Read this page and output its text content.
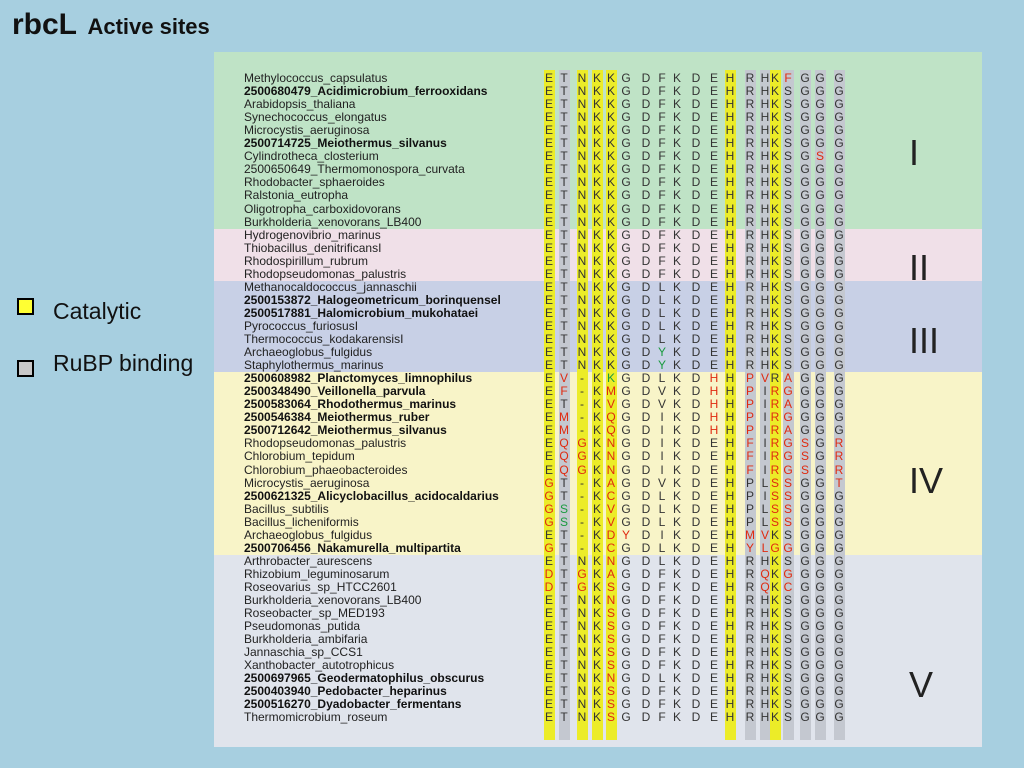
rbcL Active sites
Catalytic
RuBP binding
I
II
III
IV
V
Methylococcus_capsulatus	E T N K K G D F K D E H R H K F G G G
2500680479_Acidimicrobium_ferrooxidans	E T N K K G D F K D E H R H K S G G G
Arabidopsis_thaliana	E T N K K G D F K D E H R H K S G G G
Synechococcus_elongatus	E T N K K G D F K D E H R H K S G G G
Microcystis_aeruginosa	E T N K K G D F K D E H R H K S G G G
2500714725_Meiothermus_silvanus	E T N K K G D F K D E H R H K S G G G
Cylindrotheca_closterium	E T N K K G D F K D E H R H K S G S G
2500650649_Thermomonospora_curvata	E T N K K G D F K D E H R H K S G G G
Rhodobacter_sphaeroides	E T N K K G D F K D E H R H K S G G G
Ralstonia_eutropha	E T N K K G D F K D E H R H K S G G G
Oligotropha_carboxidovorans	E T N K K G D F K D E H R H K S G G G
Burkholderia_xenovorans_LB400	E T N K K G D F K D E H R H K S G G G
Hydrogenovibrio_marinus	E T N K K G D F K D E H R H K S G G G
Thiobacillus_denitrificansI	E T N K K G D F K D E H R H K S G G G
Rhodospirillum_rubrum	E T N K K G D F K D E H R H K S G G G
Rhodopseudomonas_palustris	E T N K K G D F K D E H R H K S G G G
Methanocaldococcus_jannaschii	E T N K K G D L K D E H R H K S G G G
2500153872_Halogeometricum_borinquensel	E T N K K G D L K D E H R H K S G G G
2500517881_Halomicrobium_mukohataei	E T N K K G D L K D E H R H K S G G G
Pyrococcus_furiosusI	E T N K K G D L K D E H R H K S G G G
Thermococcus_kodakarensisI	E T N K K G D L K D E H R H K S G G G
Archaeoglobus_fulgidus	E T N K K G D Y K D E H R H K S G G G
Staphylothermus_marinus	E T N K K G D Y K D E H R H K S G G G
2500608982_Planctomyces_limnophilus	E V	- K K G D L K D H H P V R A G G G
2500348490_Veillonella_parvula	E F	- K M G D V K D H H P I R G G G G
2500583064_Rhodothermus_marinus	E T	- K V G D V K D H H P I R A G G G
2500546384_Meiothermus_ruber	E M - K Q G D I K D H H P I R G G G G
2500712642_Meiothermus_silvanus	E M - K Q G D I K D H H P I R A G G G
Rhodopseudomonas_palustris	E Q G K N G D I K D E H F I R G S G R
Chlorobium_tepidum	E Q G K N G D I K D E H F I R G S G R
Chlorobium_phaeobacteroides	E Q G K N G D I K D E H F I R G S G R
Microcystis_aeruginosa	G T	- K A G D V K D E H P L S S G G T
2500621325_Alicyclobacillus_acidocaldarius	G T	- K C G D L K D E H P I S S G G G
Bacillus_subtilis	G S	- K V G D L K D E H P L S S G G G
Bacillus_licheniformis	G S	- K V G D L K D E H P L S S G G G
Archaeoglobus_fulgidus	E T	- K D Y D I K D E H M V K S G G G
2500706456_Nakamurella_multipartita	G T	- K C G D L K D E H Y L G G G G G
Arthrobacter_aurescens	E T N K N G D L K D E H R H K S G G G
Rhizobium_leguminosarum	D T G K A G D F K D E H R Q K G G G G
Roseovarius_sp_HTCC2601	D T G K S G D F K D E H R Q K C G G G
Burkholderia_xenovorans_LB400	E T N K N G D F K D E H R H K S G G G
Roseobacter_sp_MED193	E T N K S G D F K D E H R H K S G G G
Pseudomonas_putida	E T N K S G D F K D E H R H K S G G G
Burkholderia_ambifaria	E T N K S G D F K D E H R H K S G G G
Jannaschia_sp_CCS1	E T N K S G D F K D E H R H K S G G G
Xanthobacter_autotrophicus	E T N K S G D F K D E H R H K S G G G
2500697965_Geodermatophilus_obscurus	E T N K N G D L K D E H R H K S G G G
2500403940_Pedobacter_heparinus	E T N K S G D F K D E H R H K S G G G
2500516270_Dyadobacter_fermentans	E T N K S G D F K D E H R H K S G G G
Thermomicrobium_roseum	E T N K S G D F K D E H R H K S G G G
